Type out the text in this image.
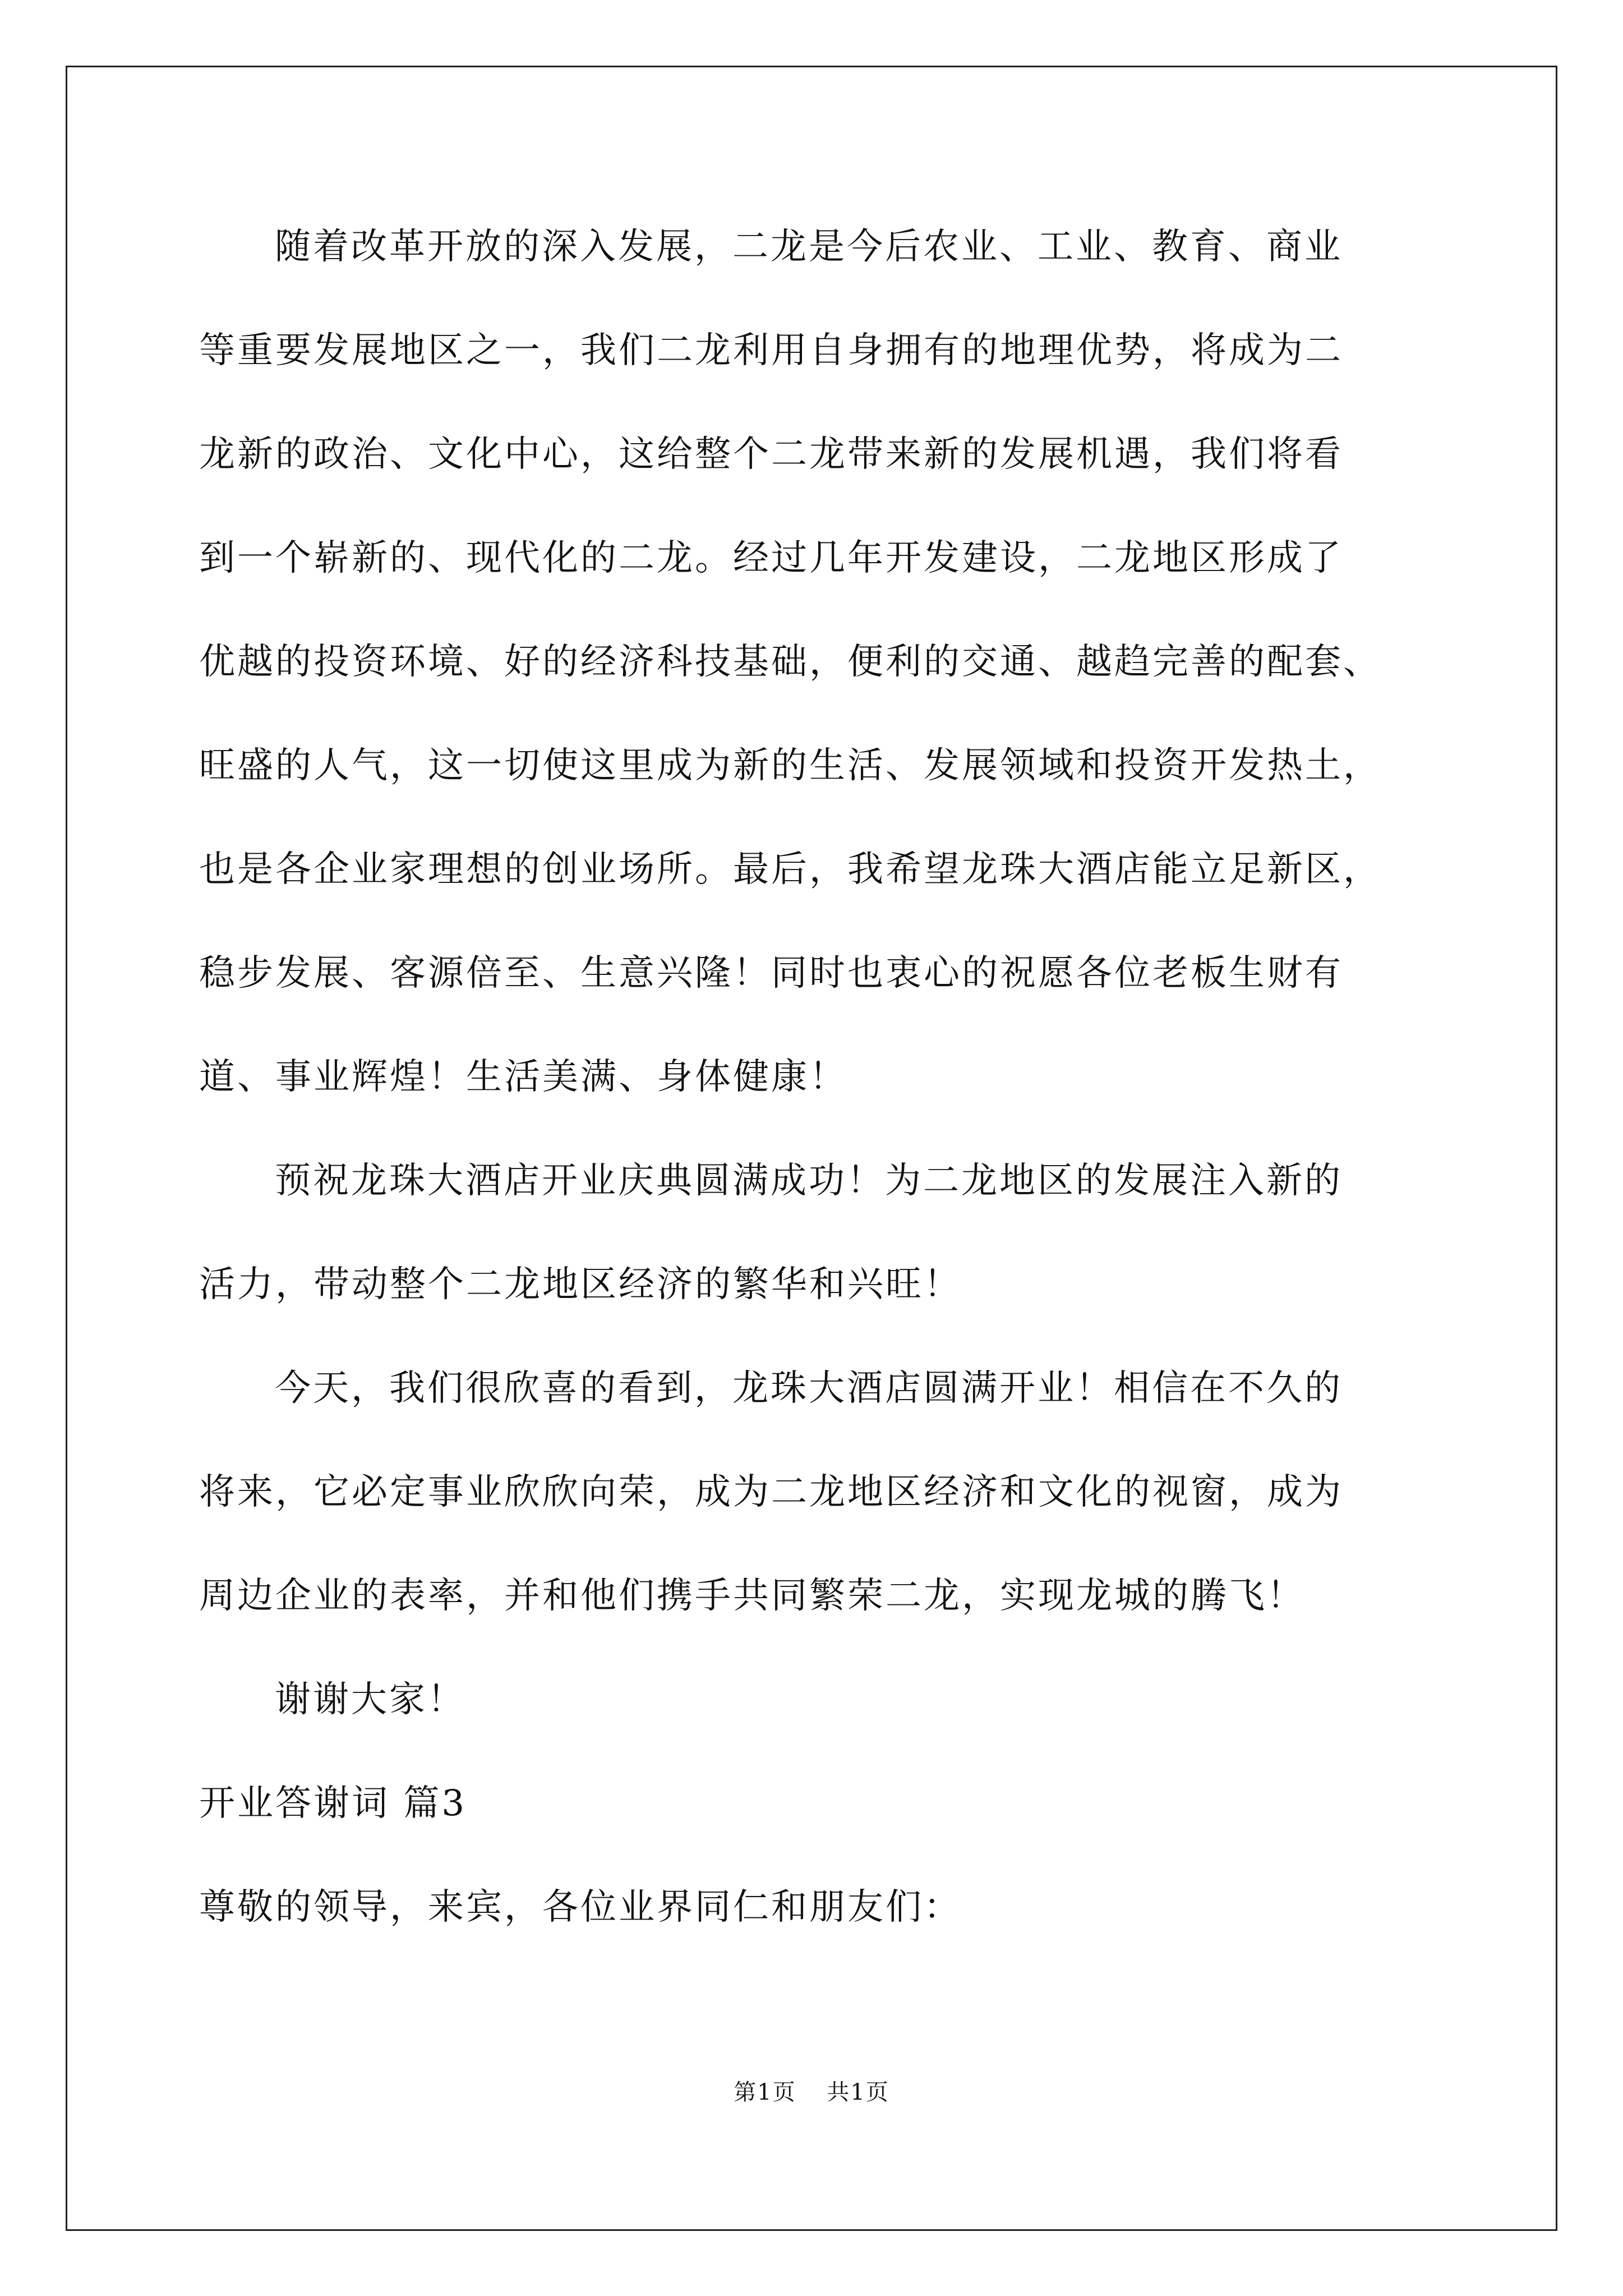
随着改革开放的深入发展，二龙是今后农业、工业、教育、商业
等重要发展地区之一，我们二龙利用自身拥有的地理优势，将成为二
龙新的政治、文化中心，这给整个二龙带来新的发展机遇，我们将看
到一个崭新的、现代化的二龙。经过几年开发建设，二龙地区形成了
优越的投资环境、好的经济科技基础，便利的交通、越趋完善的配套、
旺盛的人气，这一切使这里成为新的生活、发展领域和投资开发热土，
也是各企业家理想的创业场所。最后，我希望龙珠大酒店能立足新区，
稳步发展、客源倍至、生意兴隆！同时也衷心的祝愿各位老板生财有
道、事业辉煌！生活美满、身体健康！
预祝龙珠大酒店开业庆典圆满成功！为二龙地区的发展注入新的
活力，带动整个二龙地区经济的繁华和兴旺！
今天，我们很欣喜的看到，龙珠大酒店圆满开业！相信在不久的
将来，它必定事业欣欣向荣，成为二龙地区经济和文化的视窗，成为
周边企业的表率，并和他们携手共同繁荣二龙，实现龙城的腾飞！
谢谢大家！
开业答谢词 篇3
尊敬的领导，来宾，各位业界同仁和朋友们：
第1页 共1页
